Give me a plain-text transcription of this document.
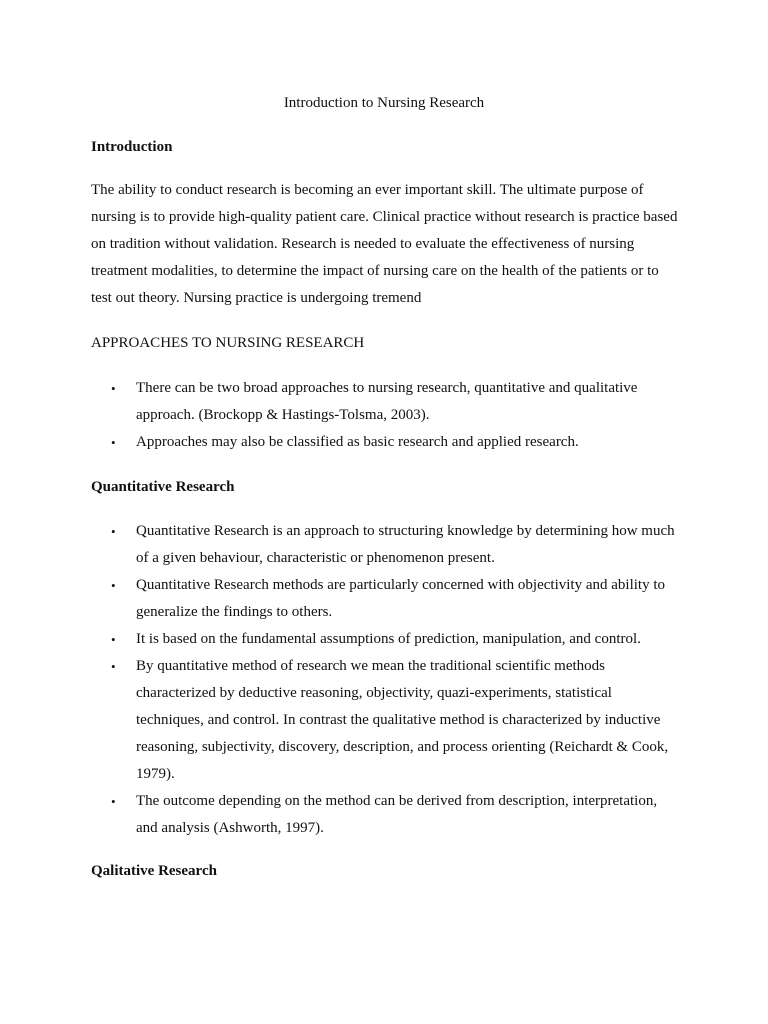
Introduction to Nursing Research
Introduction

The ability to conduct research is becoming an ever important skill. The ultimate purpose of nursing is to provide high-quality patient care. Clinical practice without research is practice based on tradition without validation. Research is needed to evaluate the effectiveness of nursing treatment modalities, to determine the impact of nursing care on the health of the patients or to test out theory. Nursing practice is undergoing tremend

APPROACHES TO NURSING RESEARCH
• There can be two broad approaches to nursing research, quantitative and qualitative approach. (Brockopp & Hastings-Tolsma, 2003).
• Approaches may also be classified as basic research and applied research.
Quantitative Research
• Quantitative Research is an approach to structuring knowledge by determining how much of a given behaviour, characteristic or phenomenon present.
• Quantitative Research methods are particularly concerned with objectivity and ability to generalize the findings to others.
• It is based on the fundamental assumptions of prediction, manipulation, and control.
• By quantitative method of research we mean the traditional scientific methods characterized by deductive reasoning, objectivity, quazi-experiments, statistical techniques, and control. In contrast the qualitative method is characterized by inductive reasoning, subjectivity, discovery, description, and process orienting (Reichardt & Cook, 1979).
• The outcome depending on the method can be derived from description, interpretation, and analysis (Ashworth, 1997).
Qalitative Research
